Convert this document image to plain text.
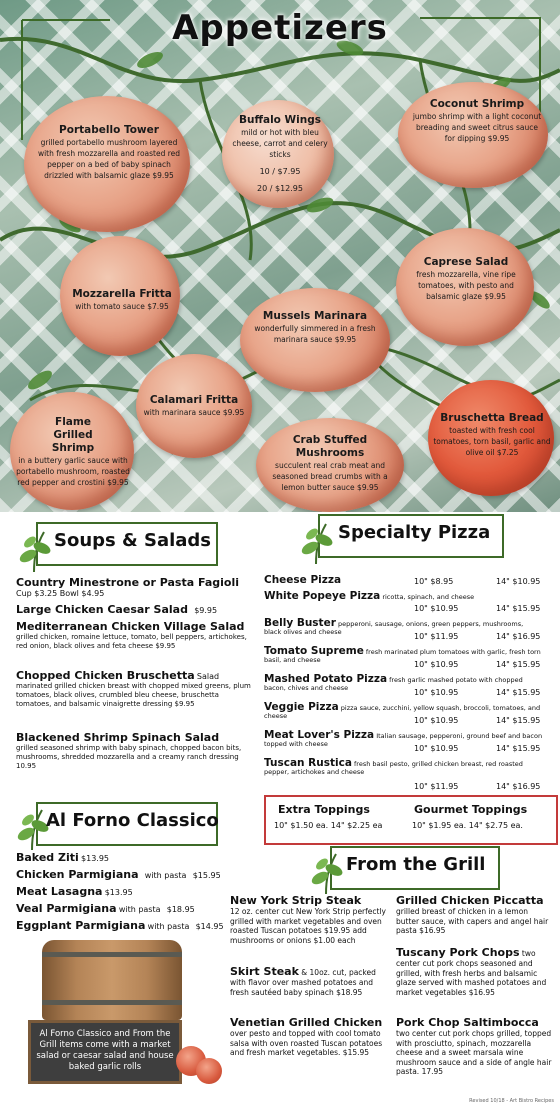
Appetizers
Portabello Tower
grilled portabello mushroom layered with fresh mozzarella and roasted red pepper on a bed of baby spinach drizzled with balsamic glaze $9.95
Buffalo Wings
mild or hot with bleu cheese, carrot and celery sticks
10 / $7.95
20 / $12.95
Coconut Shrimp
jumbo shrimp with a light coconut breading and sweet citrus sauce for dipping $9.95
Mozzarella Fritta
with tomato sauce $7.95
Mussels Marinara
wonderfully simmered in a fresh marinara sauce $9.95
Caprese Salad
fresh mozzarella, vine ripe tomatoes, with pesto and balsamic glaze $9.95
Calamari Fritta
with marinara sauce $9.95
Flame Grilled Shrimp
in a buttery garlic sauce with portabello mushroom, roasted red pepper and crostini $9.95
Crab Stuffed Mushrooms
succulent real crab meat and seasoned bread crumbs with a lemon butter sauce $9.95
Bruschetta Bread
toasted with fresh cool tomatoes, torn basil, garlic and olive oil $7.25
Soups & Salads	Specialty Pizza
Country Minestrone or Pasta Fagioli
Cup $3.25 Bowl $4.95
Large Chicken Caesar Salad $9.95
Mediterranean Chicken Village Salad
grilled chicken, romaine lettuce, tomato, bell peppers, artichokes, red onion, black olives and feta cheese $9.95
Chopped Chicken Bruschetta Salad
marinated grilled chicken breast with chopped mixed greens, plum tomatoes, black olives, crumbled bleu cheese, bruschetta tomatoes, and balsamic vinaigrette dressing $9.95
Blackened Shrimp Spinach Salad
grilled seasoned shrimp with baby spinach, chopped bacon bits, mushrooms, shredded mozzarella and a creamy ranch dressing 10.95
Cheese Pizza	10" $8.95	14" $10.95
White Popeye Pizza ricotta, spinach, and cheese
10" $10.95	14" $15.95
Belly Buster pepperoni, sausage, onions, green peppers, mushrooms, black olives and cheese	10" $11.95	14" $16.95
Tomato Supreme fresh marinated plum tomatoes with garlic, fresh torn basil, and cheese	10" $10.95	14" $15.95
Mashed Potato Pizza fresh garlic mashed potato with chopped bacon, chives and cheese	10" $10.95	14" $15.95
Veggie Pizza pizza sauce, zucchini, yellow squash, broccoli, tomatoes, and cheese	10" $10.95	14" $15.95
Meat Lover's Pizza Italian sausage, pepperoni, ground beef and bacon topped with cheese	10" $10.95	14" $15.95
Tuscan Rustica fresh basil pesto, grilled chicken breast, red roasted pepper, artichokes and cheese
10" $11.95	14" $16.95
Extra Toppings
10" $1.50 ea. 14" $2.25 ea
Gourmet Toppings
10" $1.95 ea. 14" $2.75 ea.
Al Forno Classico
Baked Ziti $13.95
Chicken Parmigiana with pasta $15.95
Meat Lasagna $13.95
Veal Parmigiana with pasta $18.95
Eggplant Parmigiana with pasta $14.95
Al Forno Classico and From the Grill items come with a market salad or caesar salad and house baked garlic rolls
From the Grill
New York Strip Steak
12 oz. center cut New York Strip perfectly grilled with market vegetables and oven roasted Tuscan potatoes $19.95 add mushrooms or onions $1.00 each
Skirt Steak & 10oz. cut, packed with flavor over mashed potatoes and fresh sautéed baby spinach $18.95
Venetian Grilled Chicken
over pesto and topped with cool tomato salsa with oven roasted Tuscan potatoes and fresh market vegetables. $15.95
Grilled Chicken Piccatta
grilled breast of chicken in a lemon butter sauce, with capers and angel hair pasta $16.95
Tuscany Pork Chops two center cut pork chops seasoned and grilled, with fresh herbs and balsamic glaze served with mashed potatoes and market vegetables $16.95
Pork Chop Saltimbocca
two center cut pork chops grilled, topped with prosciutto, spinach, mozzarella cheese and a sweet marsala wine mushroom sauce and a side of angle hair pasta. 17.95
Revised 10/18 - Art Bistro Recipes
